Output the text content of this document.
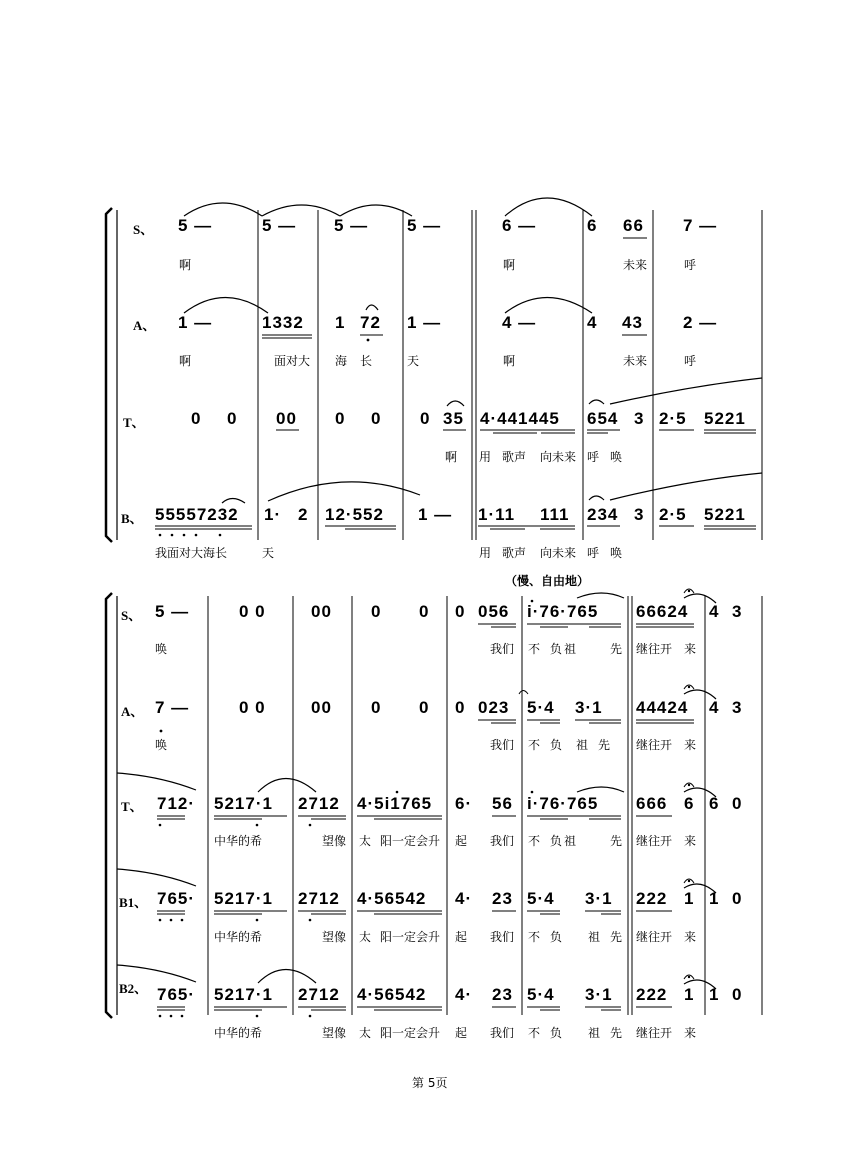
S、 5 —	5 — 5 — 5 —	6 —	6 66 7 —
啊	啊	未来	呼
A、 1 —	1332 1 72 1 —	4 —	4 43 2 —
啊	面对大 海 长	天	啊	未来	呼
T、	0 0 00 0 0 0 35 4·441445 654 3 2·5 5221
啊 用 歌声 向未来 呼 唤
B、 55557232 1· 2 12·552 1 — 1·11 111 234 3 2·5 5221
我面对大海长	天	用 歌声 向未来 呼 唤
（慢、自由地）
S、 5 —	0 0	00 0 0 0 056 i·76·765 66624 4 3
唤	我们 不 负 祖	先 继往开 来
A、 7 —	0 0	00 0 0 0 023 5·4 3·1 44424 4 3
唤	我们 不 负 祖 先 继往开 来
T、 712· 5217·1 2712 4·5i1765 6· 56 i·76·765 666 6 6 0
中华的希	望像 太 阳一定会升 起 我们 不 负 祖	先 继往开 来
B1、 765· 5217·1 2712 4·56542 4· 23 5·4 3·1 222 1 1 0
中华的希	望像 太 阳一定会升 起 我们 不 负 祖 先 继往开 来
B2、 765· 5217·1 2712 4·56542 4· 23 5·4 3·1 222 1 1 0
中华的希	望像 太 阳一定会升 起 我们 不 负 祖 先 继往开 来
第 5页
